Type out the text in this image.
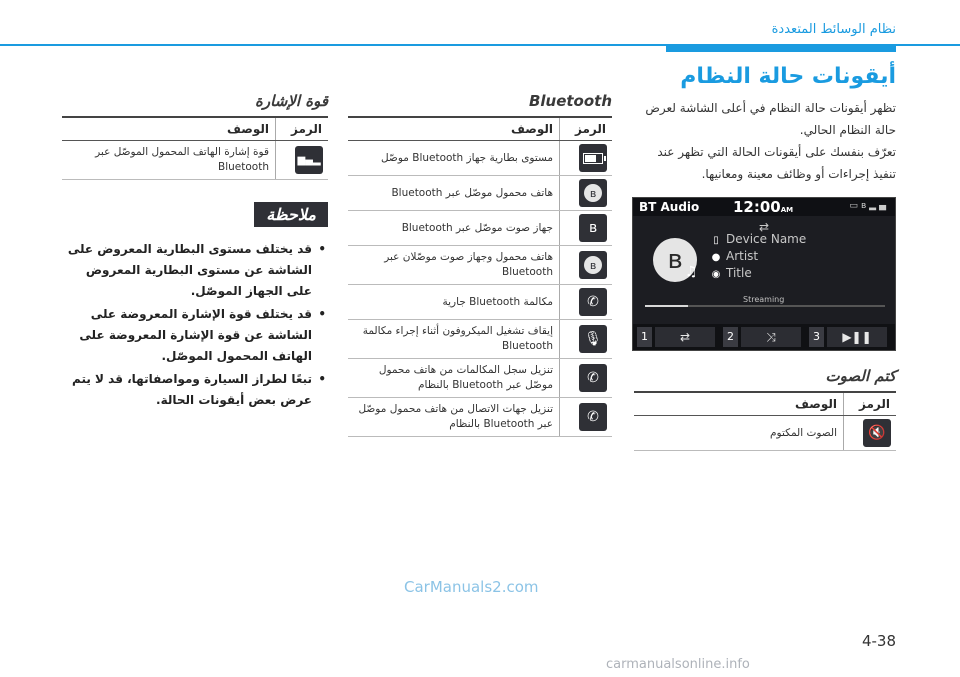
نظام الوسائط المتعددة
أيقونات حالة النظام

تظهر أيقونات حالة النظام في أعلى الشاشة لعرض حالة النظام الحالي.

تعرّف بنفسك على أيقونات الحالة التي تظهر عند تنفيذ إجراءات أو وظائف معينة ومعانيها.

BT Audio 12:00AM	▭ʙ▂▄
⇄
ʙ ♫
▯ Device Name
● Artist
◉ Title
Streaming
1	⇄	2	⤨	3	▶❚❚
كتم الصوت
الرمز	الوصف

🔇	الصوت المكتوم
Bluetooth
الرمز	الوصف

	مستوى بطارية جهاز Bluetooth موصّل

ʙ	هاتف محمول موصّل عبر Bluetooth

ʙ	جهاز صوت موصّل عبر Bluetooth

ʙ	هاتف محمول وجهاز صوت موصّلان عبر Bluetooth

✆	مكالمة Bluetooth جارية

🎙	إيقاف تشغيل الميكروفون أثناء إجراء مكالمة Bluetooth

✆	تنزيل سجل المكالمات من هاتف محمول موصّل عبر Bluetooth بالنظام

✆	تنزيل جهات الاتصال من هاتف محمول موصّل عبر Bluetooth بالنظام
قوة الإشارة
الرمز	الوصف

▂▄▆	قوة إشارة الهاتف المحمول الموصّل عبر Bluetooth
ملاحظة
• قد يختلف مستوى البطارية المعروض على الشاشة عن مستوى البطارية المعروض على الجهاز الموصّل.
• قد يختلف قوة الإشارة المعروضة على الشاشة عن قوة الإشارة المعروضة على الهاتف المحمول الموصّل.
• تبعًا لطراز السيارة ومواصفاتها، قد لا يتم عرض بعض أيقونات الحالة.
CarManuals2.com
4-38
carmanualsonline.info
